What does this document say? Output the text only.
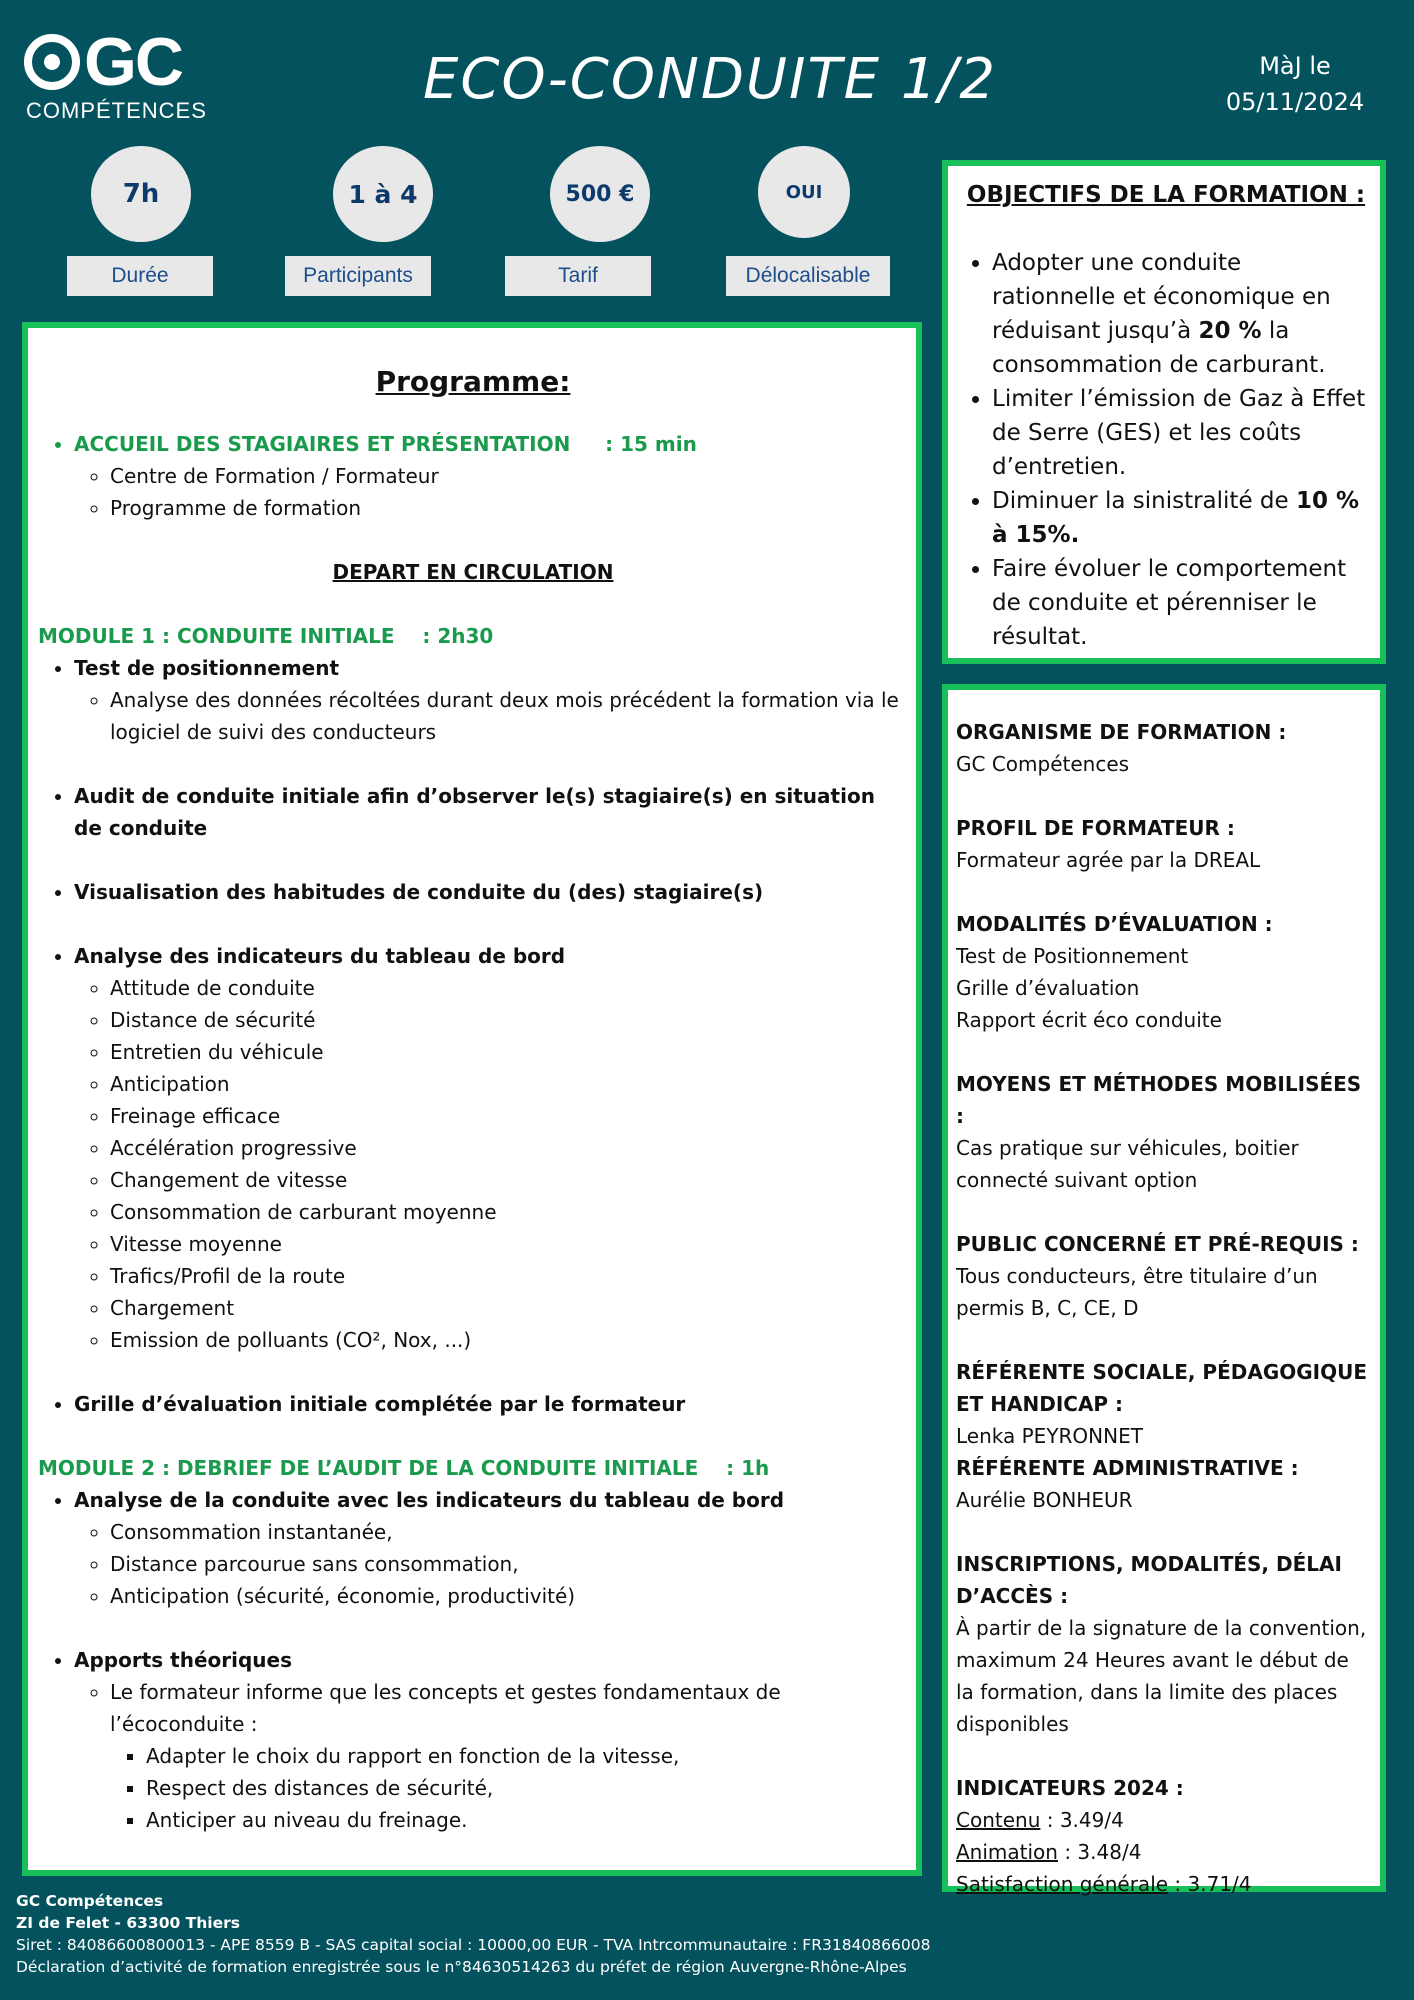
GC
COMPÉTENCES	ECO-CONDUITE 1/2	MàJ le
05/11/2024
7h
Durée
1 à 4
Participants
500 €
Tarif
OUI
Délocalisable
Programme:
• ACCUEIL DES STAGIAIRES ET PRÉSENTATION : 15 min
◦ Centre de Formation / Formateur
◦ Programme de formation
DEPART EN CIRCULATION
MODULE 1 : CONDUITE INITIALE : 2h30
• Test de positionnement
◦ Analyse des données récoltées durant deux mois précédent la formation via le logiciel de suivi des conducteurs
• Audit de conduite initiale afin d’observer le(s) stagiaire(s) en situation de conduite
• Visualisation des habitudes de conduite du (des) stagiaire(s)
• Analyse des indicateurs du tableau de bord
◦ Attitude de conduite
◦ Distance de sécurité
◦ Entretien du véhicule
◦ Anticipation
◦ Freinage efficace
◦ Accélération progressive
◦ Changement de vitesse
◦ Consommation de carburant moyenne
◦ Vitesse moyenne
◦ Trafics/Profil de la route
◦ Chargement
◦ Emission de polluants (CO², Nox, ...)
• Grille d’évaluation initiale complétée par le formateur
MODULE 2 : DEBRIEF DE L’AUDIT DE LA CONDUITE INITIALE : 1h
• Analyse de la conduite avec les indicateurs du tableau de bord
◦ Consommation instantanée,
◦ Distance parcourue sans consommation,
◦ Anticipation (sécurité, économie, productivité)
• Apports théoriques
◦ Le formateur informe que les concepts et gestes fondamentaux de l’écoconduite :
▪ Adapter le choix du rapport en fonction de la vitesse,
▪ Respect des distances de sécurité,
▪ Anticiper au niveau du freinage.
OBJECTIFS DE LA FORMATION :
• Adopter une conduite rationnelle et économique en réduisant jusqu’à 20 % la consommation de carburant.
• Limiter l’émission de Gaz à Effet de Serre (GES) et les coûts d’entretien.
• Diminuer la sinistralité de 10 % à 15%.
• Faire évoluer le comportement de conduite et pérenniser le résultat.
ORGANISME DE FORMATION :
GC Compétences
PROFIL DE FORMATEUR :
Formateur agrée par la DREAL
MODALITÉS D’ÉVALUATION :
Test de Positionnement
Grille d’évaluation
Rapport écrit éco conduite
MOYENS ET MÉTHODES MOBILISÉES :
Cas pratique sur véhicules, boitier connecté suivant option
PUBLIC CONCERNÉ ET PRÉ-REQUIS :
Tous conducteurs, être titulaire d’un permis B, C, CE, D
RÉFÉRENTE SOCIALE, PÉDAGOGIQUE ET HANDICAP :
Lenka PEYRONNET
RÉFÉRENTE ADMINISTRATIVE :
Aurélie BONHEUR
INSCRIPTIONS, MODALITÉS, DÉLAI D’ACCÈS :
À partir de la signature de la convention, maximum 24 Heures avant le début de la formation, dans la limite des places disponibles
INDICATEURS 2024 :
Contenu : 3.49/4
Animation : 3.48/4
Satisfaction générale : 3.71/4
GC Compétences
ZI de Felet - 63300 Thiers
Siret : 84086600800013 - APE 8559 B - SAS capital social : 10000,00 EUR - TVA Intrcommunautaire : FR31840866008
Déclaration d’activité de formation enregistrée sous le n°84630514263 du préfet de région Auvergne-Rhône-Alpes
